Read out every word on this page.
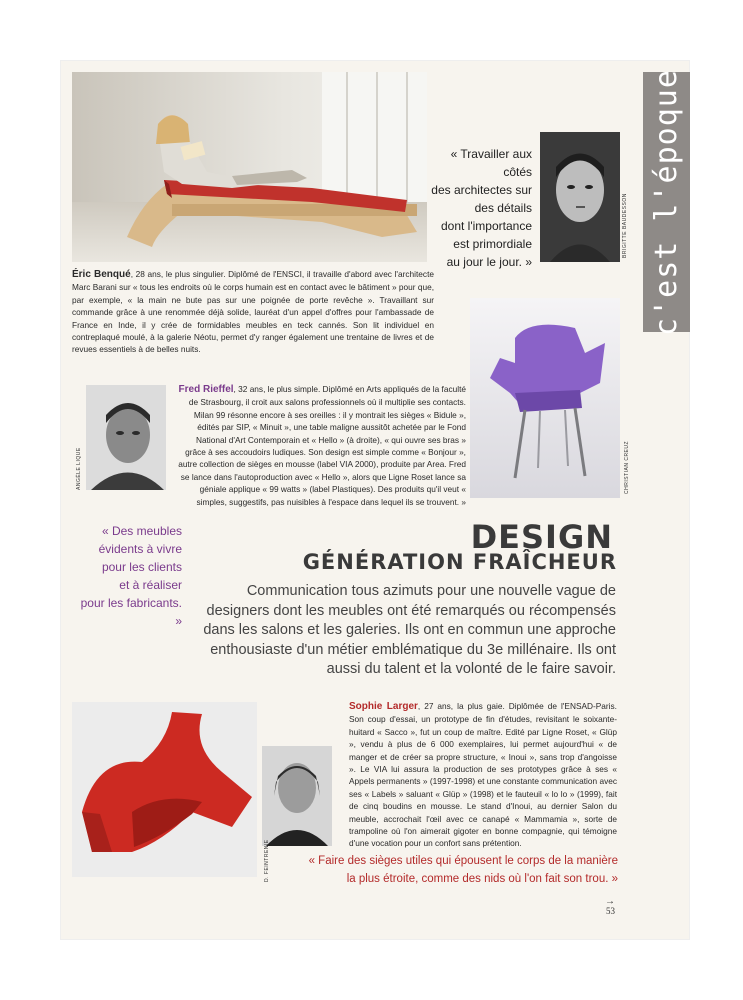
c'est l'époque
BRIGITTE BAUDESSON
« Travailler aux côtés
des architectes sur
des détails
dont l'importance
est primordiale
au jour le jour. »
Éric Benqué, 28 ans, le plus singulier. Diplômé de l'ENSCI, il travaille d'abord avec l'architecte Marc Barani sur « tous les endroits où le corps humain est en contact avec le bâtiment » pour que, par exemple, « la main ne bute pas sur une poignée de porte revêche ». Travaillant sur commande grâce à une renommée déjà solide, lauréat d'un appel d'offres pour l'ambassade de France en Inde, il y crée de formidables meubles en teck cannés. Son lit individuel en contreplaqué moulé, à la galerie Néotu, permet d'y ranger également une trentaine de livres et de revues essentiels à de belles nuits.
CHRISTIAN CREUZ
ANGÈLE LIQUE
Fred Rieffel, 32 ans, le plus simple. Diplômé en Arts appliqués de la faculté de Strasbourg, il croit aux salons professionnels où il multiplie ses contacts. Milan 99 résonne encore à ses oreilles : il y montrait les sièges « Bidule », édités par SIP, « Minuit », une table maligne aussitôt achetée par le Fond National d'Art Contemporain et « Hello » (à droite), « qui ouvre ses bras » grâce à ses accoudoirs ludiques. Son design est simple comme « Bonjour », autre collection de sièges en mousse (label VIA 2000), produite par Area. Fred se lance dans l'autoproduction avec « Hello », alors que Ligne Roset lance sa géniale applique « 99 watts » (label Plastiques). Des produits qu'il veut « simples, suggestifs, pas nuisibles à l'espace dans lequel ils se trouvent. »
« Des meubles
évidents à vivre
pour les clients
et à réaliser
pour les fabricants. »
DESIGN
GÉNÉRATION FRAÎCHEUR
Communication tous azimuts pour une nouvelle vague de designers dont les meubles ont été remarqués ou récompensés dans les salons et les galeries. Ils ont en commun une approche enthousiaste d'un métier emblématique du 3e millénaire. Ils ont aussi du talent et la volonté de le faire savoir.
D. FEINTRENIE
Sophie Larger, 27 ans, la plus gaie. Diplômée de l'ENSAD-Paris. Son coup d'essai, un prototype de fin d'études, revisitant le soixante-huitard « Sacco », fut un coup de maître. Edité par Ligne Roset, « Glüp », vendu à plus de 6 000 exemplaires, lui permet aujourd'hui « de manger et de créer sa propre structure, « Inoui », sans trop d'angoisse ». Le VIA lui assura la production de ses prototypes grâce à ses « Appels permanents » (1997-1998) et une constante communication avec ses « Labels » saluant « Glüp » (1998) et le fauteuil « lo lo » (1999), fait de cinq boudins en mousse. Le stand d'Inoui, au dernier Salon du meuble, accrochait l'œil avec ce canapé « Mammamia », sorte de trampoline où l'on aimerait gigoter en bonne compagnie, qui témoigne d'une vocation pour un confort sans prétention.
« Faire des sièges utiles qui épousent le corps de la manière
la plus étroite, comme des nids où l'on fait son trou. »
→
53
